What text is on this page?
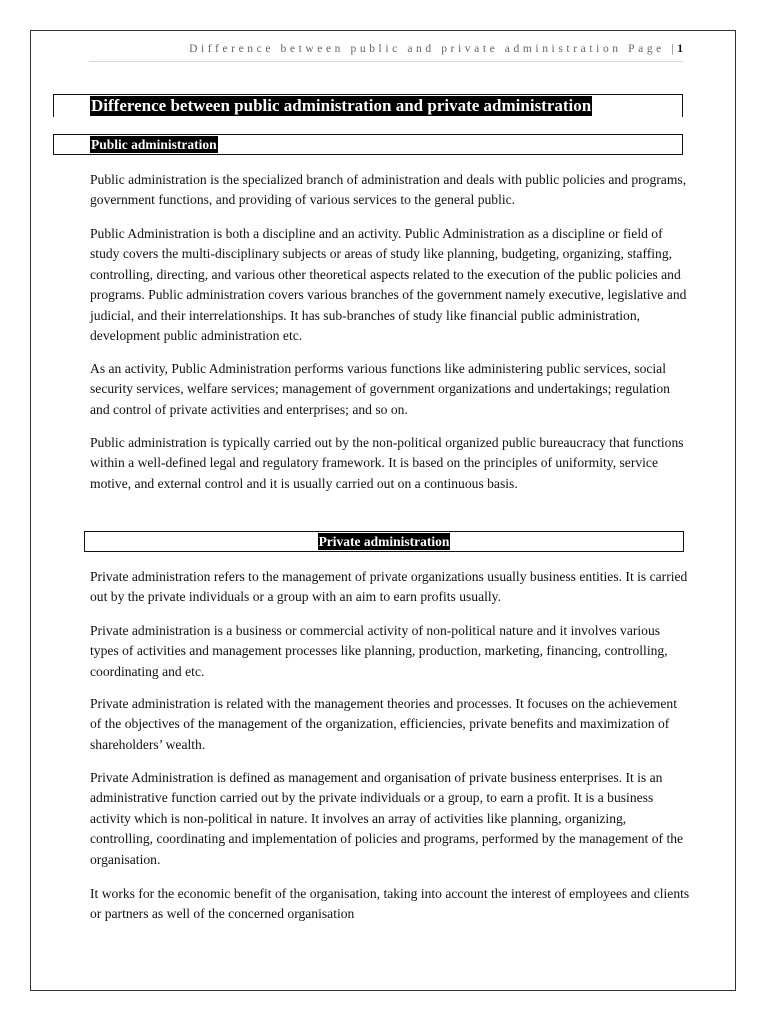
Difference between public and private administration Page |1
Difference between public administration and private administration
Public administration

Public administration is the specialized branch of administration and deals with public policies and programs, government functions, and providing of various services to the general public.

Public Administration is both a discipline and an activity. Public Administration as a discipline or field of study covers the multi-disciplinary subjects or areas of study like planning, budgeting, organizing, staffing, controlling, directing, and various other theoretical aspects related to the execution of the public policies and programs. Public administration covers various branches of the government namely executive, legislative and judicial, and their interrelationships. It has sub-branches of study like financial public administration, development public administration etc.

As an activity, Public Administration performs various functions like administering public services, social security services, welfare services; management of government organizations and undertakings; regulation and control of private activities and enterprises; and so on.

Public administration is typically carried out by the non-political organized public bureaucracy that functions within a well-defined legal and regulatory framework. It is based on the principles of uniformity, service motive, and external control and it is usually carried out on a continuous basis.

Private administration

Private administration refers to the management of private organizations usually business entities. It is carried out by the private individuals or a group with an aim to earn profits usually.

Private administration is a business or commercial activity of non-political nature and it involves various types of activities and management processes like planning, production, marketing, financing, controlling, coordinating and etc.

Private administration is related with the management theories and processes. It focuses on the achievement of the objectives of the management of the organization, efficiencies, private benefits and maximization of shareholders’ wealth.

Private Administration is defined as management and organisation of private business enterprises. It is an administrative function carried out by the private individuals or a group, to earn a profit. It is a business activity which is non-political in nature. It involves an array of activities like planning, organizing, controlling, coordinating and implementation of policies and programs, performed by the management of the organisation.

It works for the economic benefit of the organisation, taking into account the interest of employees and clients or partners as well of the concerned organisation
